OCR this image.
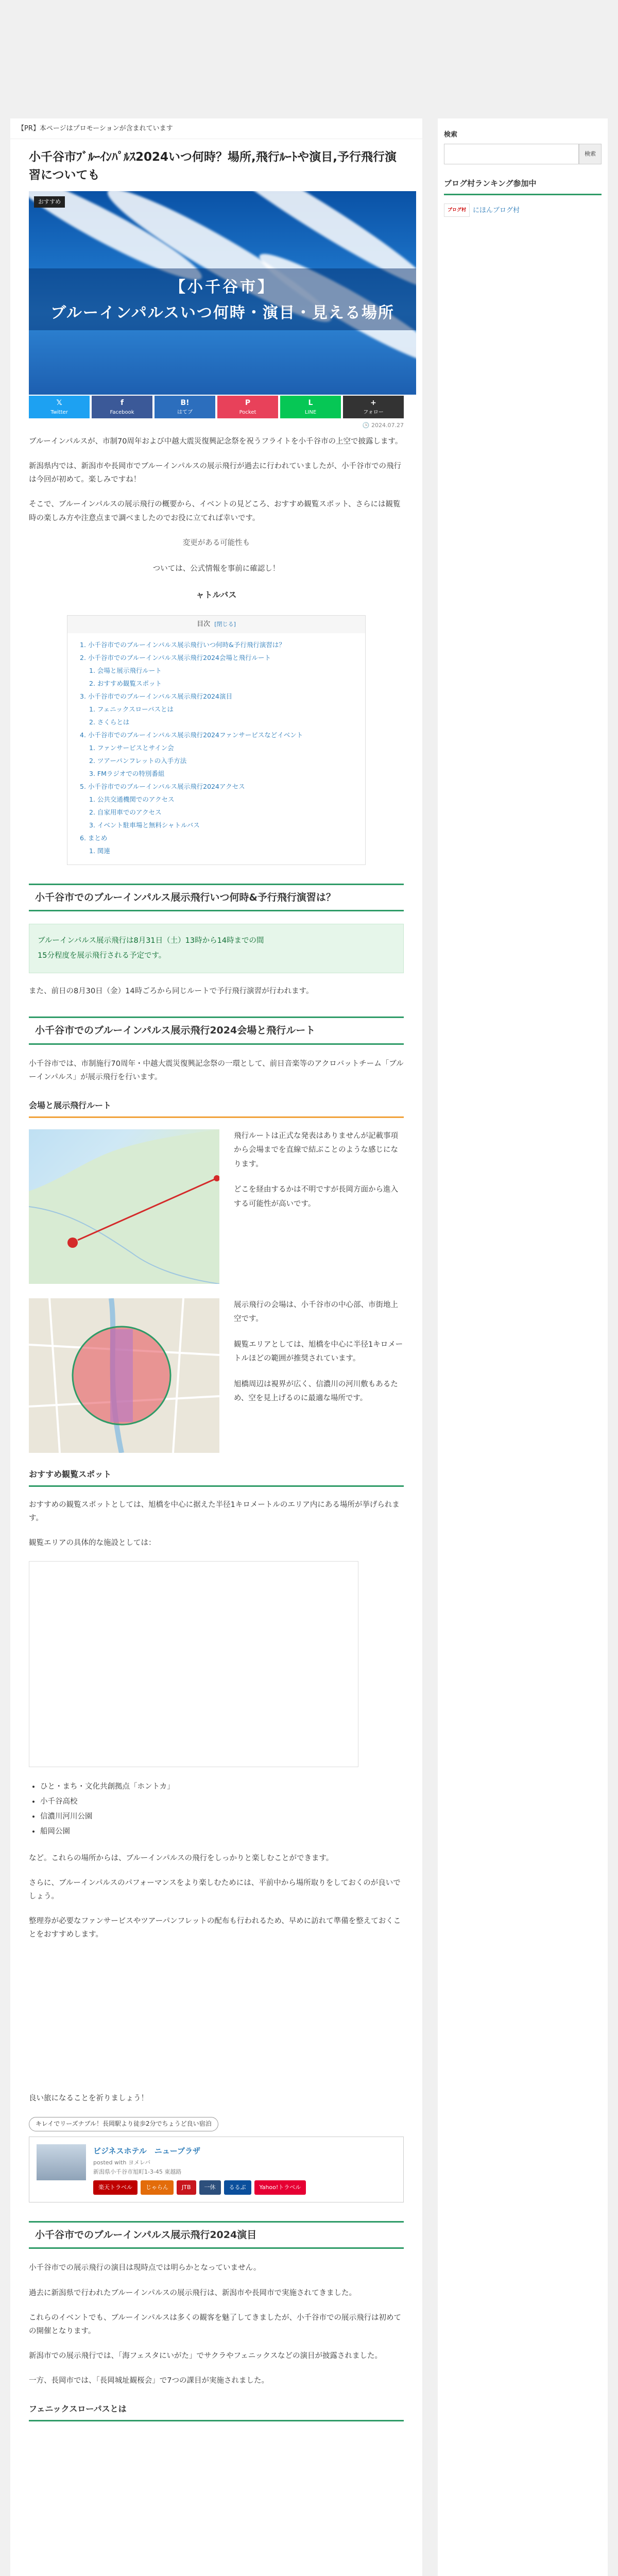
【PR】本ページはプロモーションが含まれています
小千谷市ﾌﾞﾙｰｲﾝﾊﾟﾙｽ2024いつ何時？場所,飛行ﾙｰﾄや演目,予行飛行演習についても
おすすめ
【小千谷市】
ブルーインパルスいつ何時・演目・見える場所
𝕏
Twitter
f
Facebook
B!
はてブ
P
Pocket
L
LINE
+
フォロー
🕒 2024.07.27

ブルーインパルスが、市制70周年および中越大震災復興記念祭を祝うフライトを小千谷市の上空で披露します。

新潟県内では、新潟市や長岡市でブルーインパルスの展示飛行が過去に行われていましたが、小千谷市での飛行は今回が初めて。楽しみですね！

そこで、ブルーインパルスの展示飛行の概要から、イベントの見どころ、おすすめ観覧スポット、さらには観覧時の楽しみ方や注意点まで調べましたのでお役に立てれば幸いです。

変更がある可能性も
ついては、公式情報を事前に確認し！
ャトルバス
目次 [閉じる]
1. 小千谷市でのブルーインパルス展示飛行いつ何時&予行飛行演習は？
2. 小千谷市でのブルーインパルス展示飛行2024会場と飛行ルート
1. 会場と展示飛行ルート
2. おすすめ観覧スポット
3. 小千谷市でのブルーインパルス展示飛行2024演目
1. フェニックスローパスとは
2. さくらとは
4. 小千谷市でのブルーインパルス展示飛行2024ファンサービスなどイベント
1. ファンサービスとサイン会
2. ツアーパンフレットの入手方法
3. FMラジオでの特別番組
5. 小千谷市でのブルーインパルス展示飛行2024アクセス
1. 公共交通機関でのアクセス
2. 自家用車でのアクセス
3. イベント駐車場と無料シャトルバス
6. まとめ
1. 関連
小千谷市でのブルーインパルス展示飛行いつ何時&予行飛行演習は？
ブルーインパルス展示飛行は8月31日（土）13時から14時までの間
15分程度を展示飛行される予定です。

また、前日の8月30日（金）14時ごろから同じルートで予行飛行演習が行われます。

小千谷市でのブルーインパルス展示飛行2024会場と飛行ルート

小千谷市では、市制施行70周年・中越大震災復興記念祭の一環として、前日音楽等のアクロバットチーム「ブルーインパルス」が展示飛行を行います。

会場と展示飛行ルート

飛行ルートは正式な発表はありませんが記載事項から会場までを直線で結ぶことのような感じになります。

どこを経由するかは不明ですが長岡方面から進入する可能性が高いです。

展示飛行の会場は、小千谷市の中心部、市街地上空です。

観覧エリアとしては、旭橋を中心に半径1キロメートルほどの範囲が推奨されています。

旭橋周辺は視界が広く、信濃川の河川敷もあるため、空を見上げるのに最適な場所です。

おすすめ観覧スポット

おすすめの観覧スポットとしては、旭橋を中心に据えた半径1キロメートルのエリア内にある場所が挙げられます。

観覧エリアの具体的な施設としては：

• ひと・まち・文化共創拠点「ホントカ」
• 小千谷高校
• 信濃川河川公園
• 船岡公園

など。これらの場所からは、ブルーインパルスの飛行をしっかりと楽しむことができます。

さらに、ブルーインパルスのパフォーマンスをより楽しむためには、平前中から場所取りをしておくのが良いでしょう。

整理券が必要なファンサービスやツアーパンフレットの配布も行われるため、早めに訪れて準備を整えておくことをおすすめします。

良い旅になることを祈りましょう！

キレイでリーズナブル！長岡駅より徒歩2分でちょうど良い宿泊
ビジネスホテル　ニューブラザ
posted with ヨメレバ
新潟県小千谷市旭町1-3-45 東越路
楽天トラベル	じゃらん	JTB	一休	るるぶ	Yahoo!トラベル
小千谷市でのブルーインパルス展示飛行2024演目

小千谷市での展示飛行の演目は現時点では明らかとなっていません。

過去に新潟県で行われたブルーインパルスの展示飛行は、新潟市や長岡市で実施されてきました。

これらのイベントでも、ブルーインパルスは多くの観客を魅了してきましたが、小千谷市での展示飛行は初めての開催となります。

新潟市での展示飛行では、「海フェスタにいがた」でサクラやフェニックスなどの演目が披露されました。

一方、長岡市では、「長岡城址観桜会」で7つの課目が実施されました。

フェニックスローパスとは
検索
検索
ブログ村ランキング参加中
ブログ村	にほんブログ村
